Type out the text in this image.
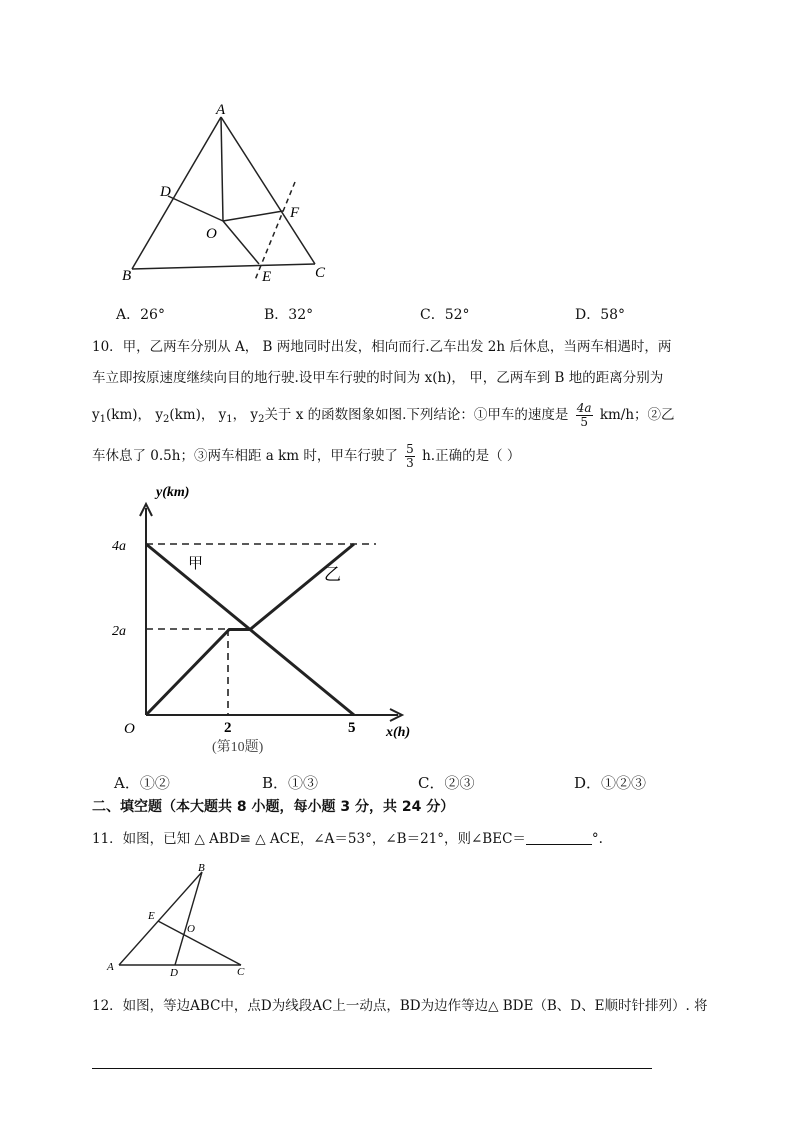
A
D
O
F
B	E	C
A．26°	B．32°	C．52°	D．58°
10．甲，乙两车分别从 A， B 两地同时出发，相向而行.乙车出发 2h 后休息，当两车相遇时，两
车立即按原速度继续向目的地行驶.设甲车行驶的时间为 x(h)， 甲，乙两车到 B 地的距离分别为
$y_1(km)$， $y_2(km)$， $y_1$， $y_2$关于 x 的函数图象如图.下列结论：①甲车的速度是 $\frac{4a}{5} km/h$；②乙
车休息了 0.5h；③两车相距 a km 时，甲车行驶了 $\frac{5}{3} h$.正确的是（ ）
y(km)
x(h)
O
4a
2a
2	5
甲
乙
(第10题)
A．①②	B．①③	C．②③	D．①②③
二、填空题（本大题共 8 小题，每小题 3 分，共 24 分）
11．如图，已知 △ ABD≌ △ ACE，∠A＝53°，∠B＝21°，则∠BEC＝	°.
B
E
O
A	D	C
12．如图，等边ABC中，点D为线段AC上一动点，BD为边作等边△ BDE（B、D、E顺时针排列）. 将
